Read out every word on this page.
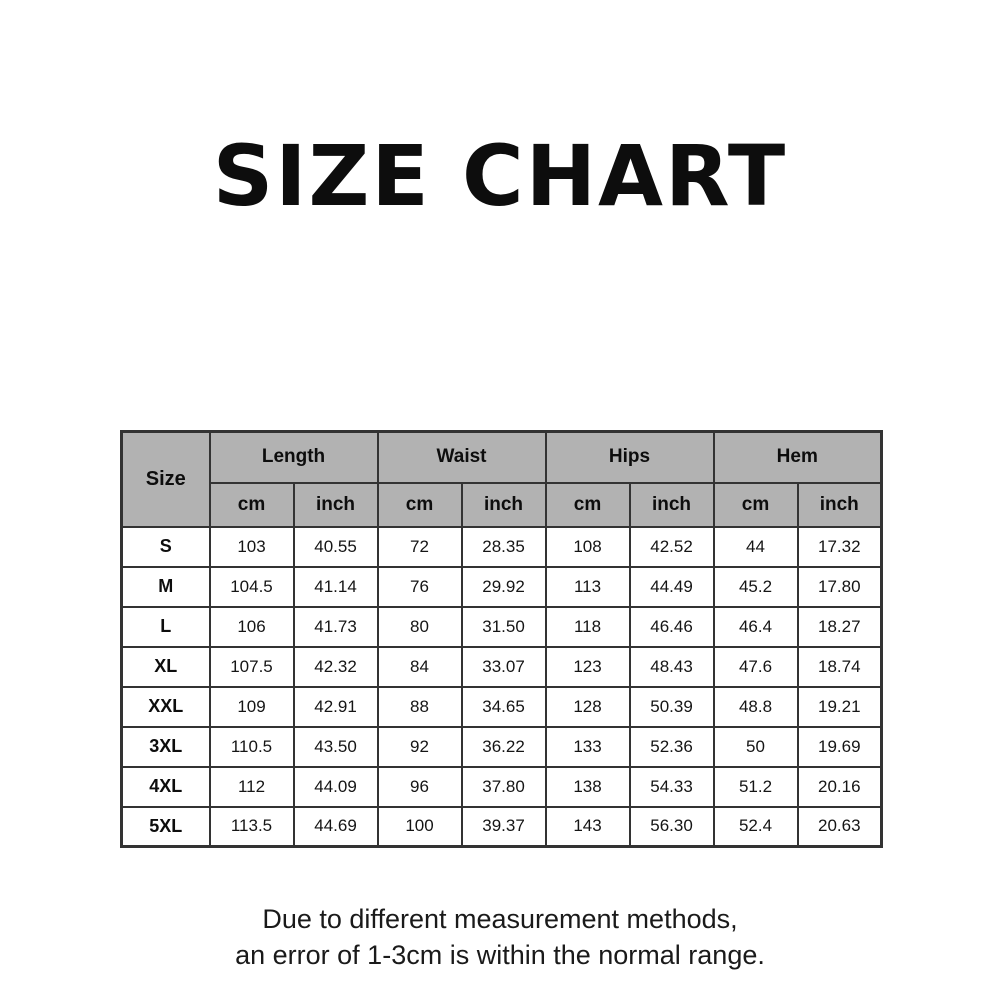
SIZE CHART
Size	Length		Waist		Hips		Hem	
	cm	inch	cm	inch	cm	inch	cm	inch
S	103	40.55	72	28.35	108	42.52	44	17.32
M	104.5	41.14	76	29.92	113	44.49	45.2	17.80
L	106	41.73	80	31.50	118	46.46	46.4	18.27
XL	107.5	42.32	84	33.07	123	48.43	47.6	18.74
XXL	109	42.91	88	34.65	128	50.39	48.8	19.21
3XL	110.5	43.50	92	36.22	133	52.36	50	19.69
4XL	112	44.09	96	37.80	138	54.33	51.2	20.16
5XL	113.5	44.69	100	39.37	143	56.30	52.4	20.63
Due to different measurement methods,
an error of 1-3cm is within the normal range.
